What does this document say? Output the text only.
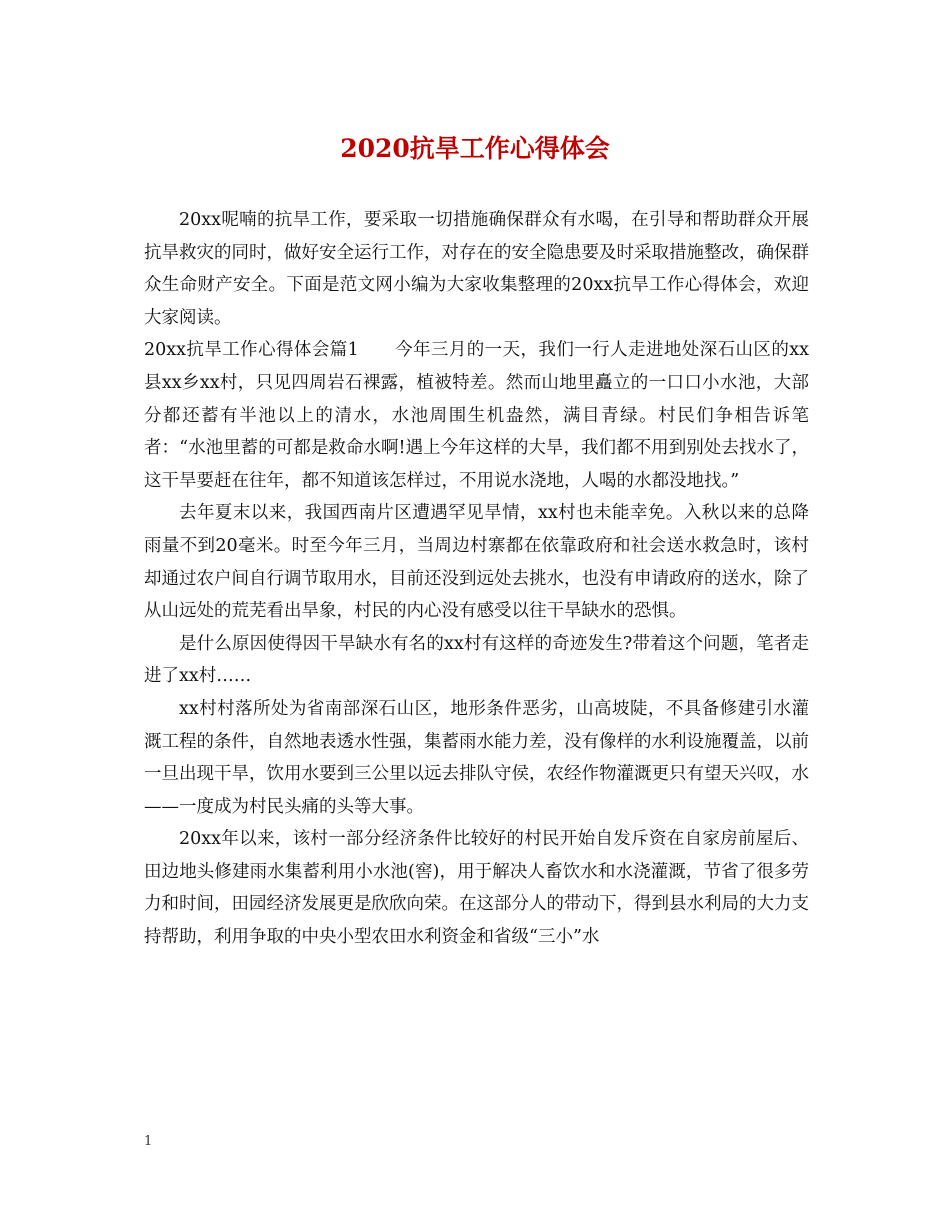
2020抗旱工作心得体会

20xx呢喃的抗旱工作，要采取一切措施确保群众有水喝，在引导和帮助群众开展抗旱救灾的同时，做好安全运行工作，对存在的安全隐患要及时采取措施整改，确保群众生命财产安全。下面是范文网小编为大家收集整理的20xx抗旱工作心得体会，欢迎大家阅读。

20xx抗旱工作心得体会篇1　　今年三月的一天，我们一行人走进地处深石山区的xx县xx乡xx村，只见四周岩石裸露，植被特差。然而山地里矗立的一口口小水池，大部分都还蓄有半池以上的清水，水池周围生机盎然，满目青绿。村民们争相告诉笔者：“水池里蓄的可都是救命水啊!遇上今年这样的大旱，我们都不用到别处去找水了，这干旱要赶在往年，都不知道该怎样过，不用说水浇地，人喝的水都没地找。”

去年夏末以来，我国西南片区遭遇罕见旱情，xx村也未能幸免。入秋以来的总降雨量不到20毫米。时至今年三月，当周边村寨都在依靠政府和社会送水救急时，该村却通过农户间自行调节取用水，目前还没到远处去挑水，也没有申请政府的送水，除了从山远处的荒芜看出旱象，村民的内心没有感受以往干旱缺水的恐惧。

是什么原因使得因干旱缺水有名的xx村有这样的奇迹发生?带着这个问题，笔者走进了xx村……

xx村村落所处为省南部深石山区，地形条件恶劣，山高坡陡，不具备修建引水灌溉工程的条件，自然地表透水性强，集蓄雨水能力差，没有像样的水利设施覆盖，以前一旦出现干旱，饮用水要到三公里以远去排队守侯，农经作物灌溉更只有望天兴叹，水——一度成为村民头痛的头等大事。

20xx年以来，该村一部分经济条件比较好的村民开始自发斥资在自家房前屋后、田边地头修建雨水集蓄利用小水池(窖)，用于解决人畜饮水和水浇灌溉，节省了很多劳力和时间，田园经济发展更是欣欣向荣。在这部分人的带动下，得到县水利局的大力支持帮助，利用争取的中央小型农田水利资金和省级“三小”水

1
